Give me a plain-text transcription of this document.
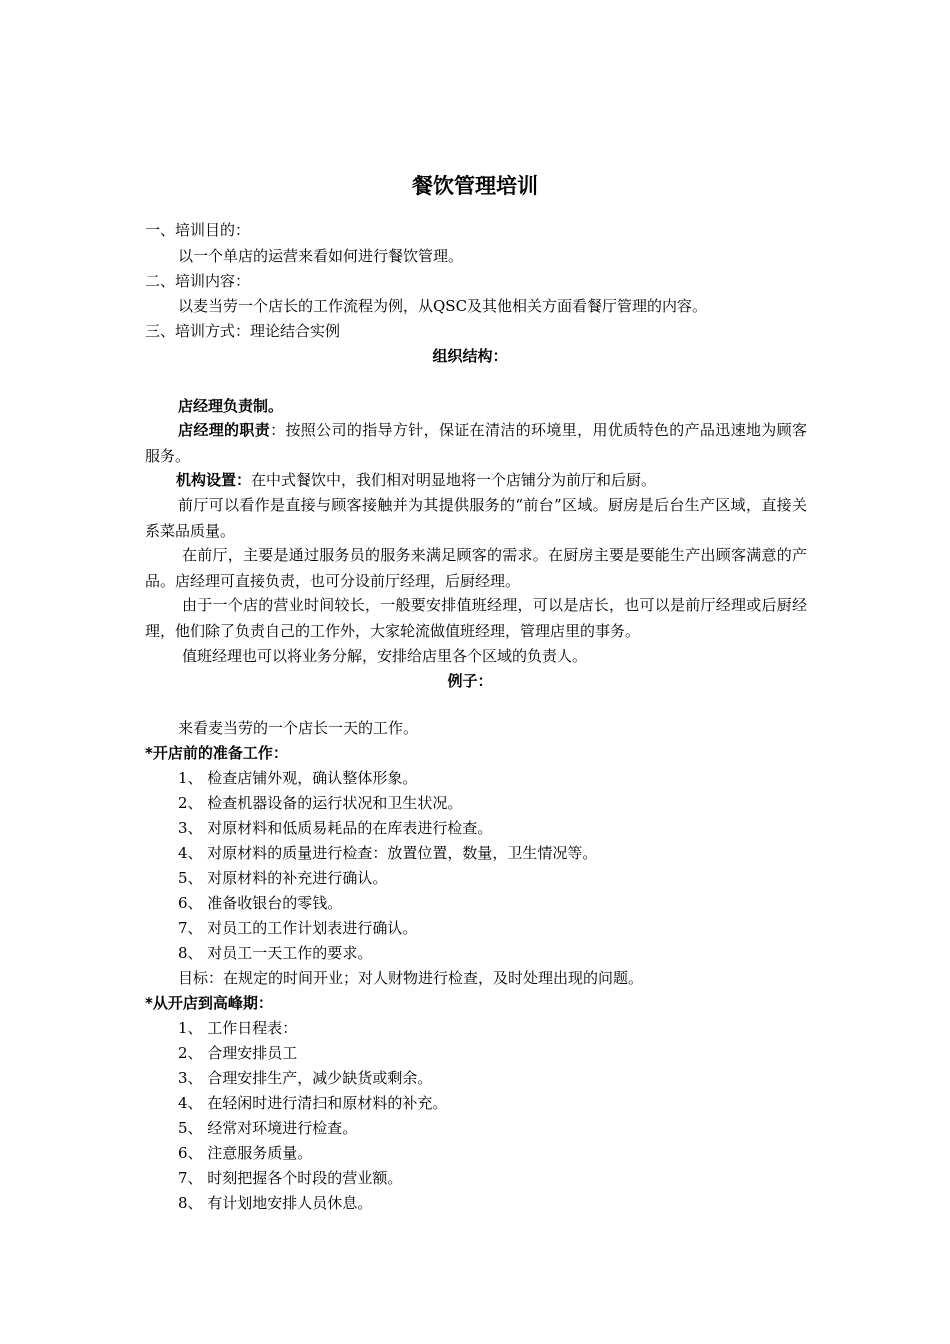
餐饮管理培训
一、培训目的：
以一个单店的运营来看如何进行餐饮管理。
二、培训内容：
以麦当劳一个店长的工作流程为例，从QSC及其他相关方面看餐厅管理的内容。
三、培训方式：理论结合实例
组织结构：
店经理负责制。
店经理的职责：按照公司的指导方针，保证在清洁的环境里，用优质特色的产品迅速地为顾客服务。
机构设置：在中式餐饮中，我们相对明显地将一个店铺分为前厅和后厨。
前厅可以看作是直接与顾客接触并为其提供服务的“前台”区域。厨房是后台生产区域，直接关系菜品质量。
在前厅，主要是通过服务员的服务来满足顾客的需求。在厨房主要是要能生产出顾客满意的产品。店经理可直接负责，也可分设前厅经理，后厨经理。
由于一个店的营业时间较长，一般要安排值班经理，可以是店长，也可以是前厅经理或后厨经理，他们除了负责自己的工作外，大家轮流做值班经理，管理店里的事务。
值班经理也可以将业务分解，安排给店里各个区域的负责人。
例子：
来看麦当劳的一个店长一天的工作。
*开店前的准备工作：
1、 检查店铺外观，确认整体形象。
2、 检查机器设备的运行状况和卫生状况。
3、 对原材料和低质易耗品的在库表进行检查。
4、 对原材料的质量进行检查：放置位置，数量，卫生情况等。
5、 对原材料的补充进行确认。
6、 准备收银台的零钱。
7、 对员工的工作计划表进行确认。
8、 对员工一天工作的要求。
目标：在规定的时间开业；对人财物进行检查，及时处理出现的问题。
*从开店到高峰期：
1、 工作日程表：
2、 合理安排员工
3、 合理安排生产，减少缺货或剩余。
4、 在轻闲时进行清扫和原材料的补充。
5、 经常对环境进行检查。
6、 注意服务质量。
7、 时刻把握各个时段的营业额。
8、 有计划地安排人员休息。
